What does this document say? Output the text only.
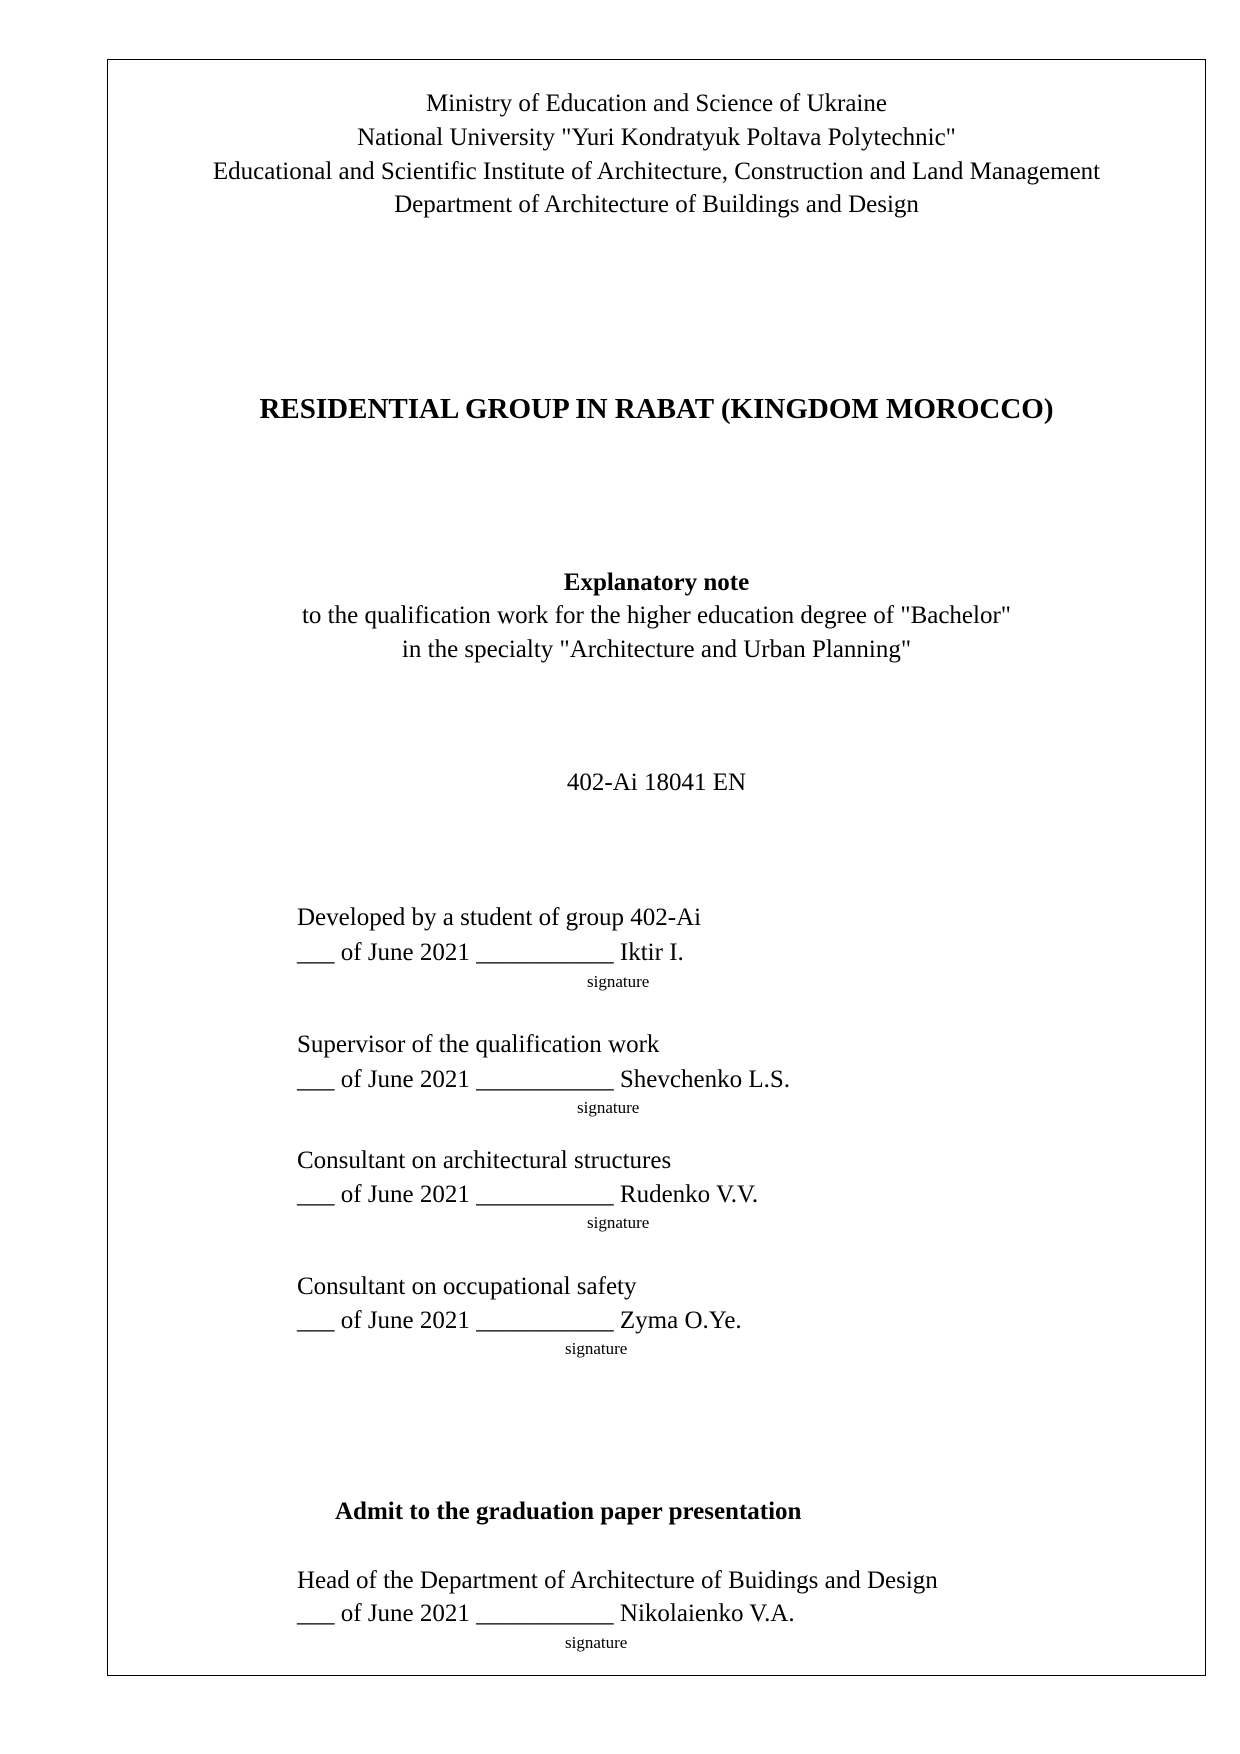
Ministry of Education and Science of Ukraine
National University "Yuri Kondratyuk Poltava Polytechnic"
Educational and Scientific Institute of Architecture, Construction and Land Management
Department of Architecture of Buildings and Design
RESIDENTIAL GROUP IN RABAT (KINGDOM MOROCCO)
Explanatory note
to the qualification work for the higher education degree of "Bachelor"
in the specialty "Architecture and Urban Planning"
402-Ai 18041 EN
Developed by a student of group 402-Ai
___ of June 2021 ___________ Iktir I.
signature
Supervisor of the qualification work
___ of June 2021 ___________ Shevchenko L.S.
signature
Consultant on architectural structures
___ of June 2021 ___________ Rudenko V.V.
signature
Consultant on occupational safety
___ of June 2021 ___________ Zyma O.Ye.
signature
Admit to the graduation paper presentation
Head of the Department of Architecture of Buidings and Design
___ of June 2021 ___________ Nikolaienko V.A.
signature
